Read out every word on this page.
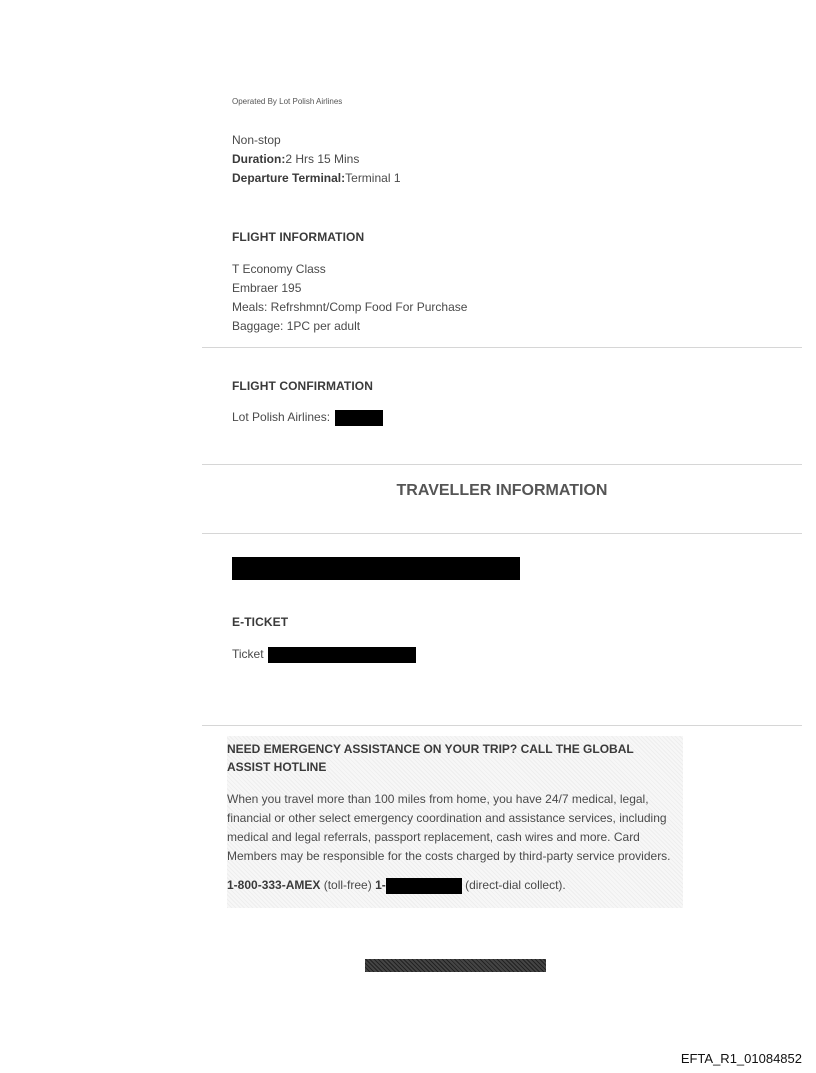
Operated By Lot Polish Airlines
Non-stop
Duration:2 Hrs 15 Mins
Departure Terminal:Terminal 1
FLIGHT INFORMATION
T Economy Class
Embraer 195
Meals: Refrshmnt/Comp Food For Purchase
Baggage: 1PC per adult
FLIGHT CONFIRMATION
Lot Polish Airlines:
TRAVELLER INFORMATION
E-TICKET
Ticket
NEED EMERGENCY ASSISTANCE ON YOUR TRIP? CALL THE GLOBAL ASSIST HOTLINE
When you travel more than 100 miles from home, you have 24/7 medical, legal, financial or other select emergency coordination and assistance services, including medical and legal referrals, passport replacement, cash wires and more. Card Members may be responsible for the costs charged by third-party service providers.
1-800-333-AMEX (toll-free) 1-	(direct-dial collect).
EFTA_R1_01084852
